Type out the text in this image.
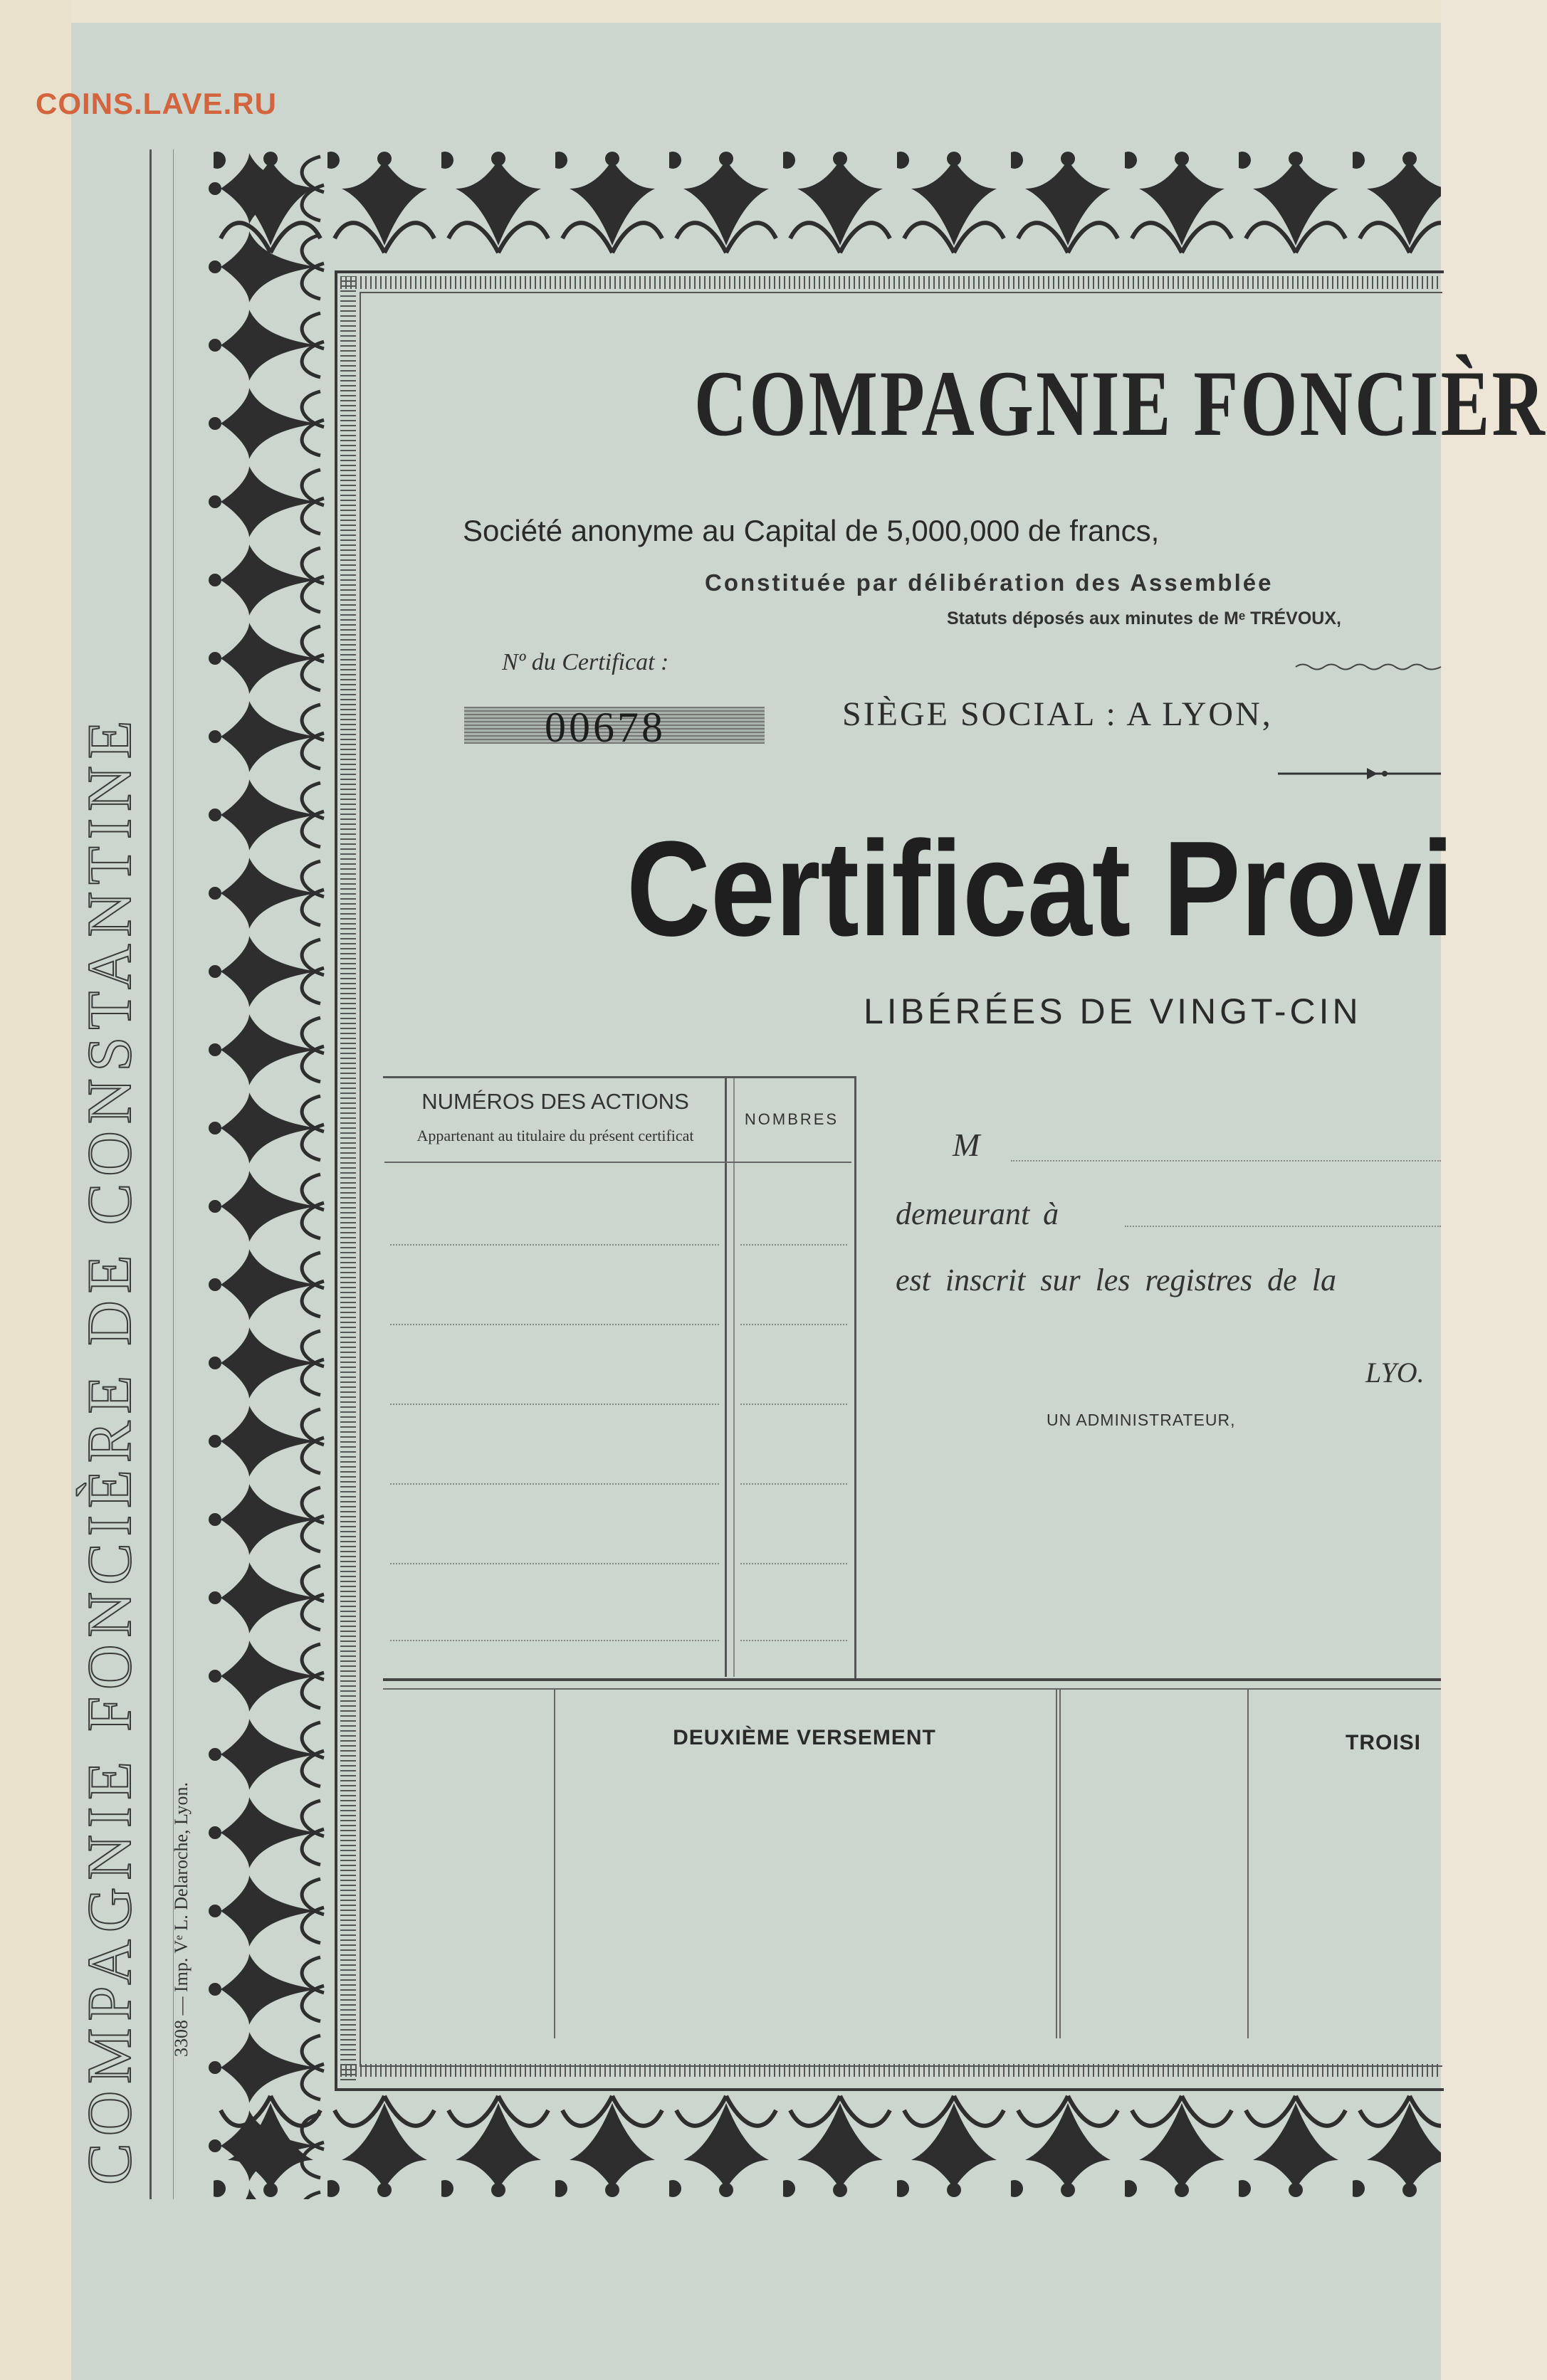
COINS.LAVE.RU
COMPAGNIE FONCIÈRE DE CONSTANTINE 3308 — Imp. Vᵉ L. Delaroche, Lyon.
COMPAGNIE FONCIÈR
Société anonyme au Capital de 5,000,000 de francs,
Constituée par délibération des Assemblée
Statuts déposés aux minutes de Mᵉ TRÉVOUX,
Nº du Certificat :
00678	SIÈGE SOCIAL : A LYON,
Certificat Provi
LIBÉRÉES DE VINGT-CIN
NUMÉROS DES ACTIONS
Appartenant au titulaire du présent certificat
NOMBRES
M
demeurant à
est inscrit sur les registres de la
LYO.
UN ADMINISTRATEUR,
DEUXIÈME VERSEMENT	TROISI
